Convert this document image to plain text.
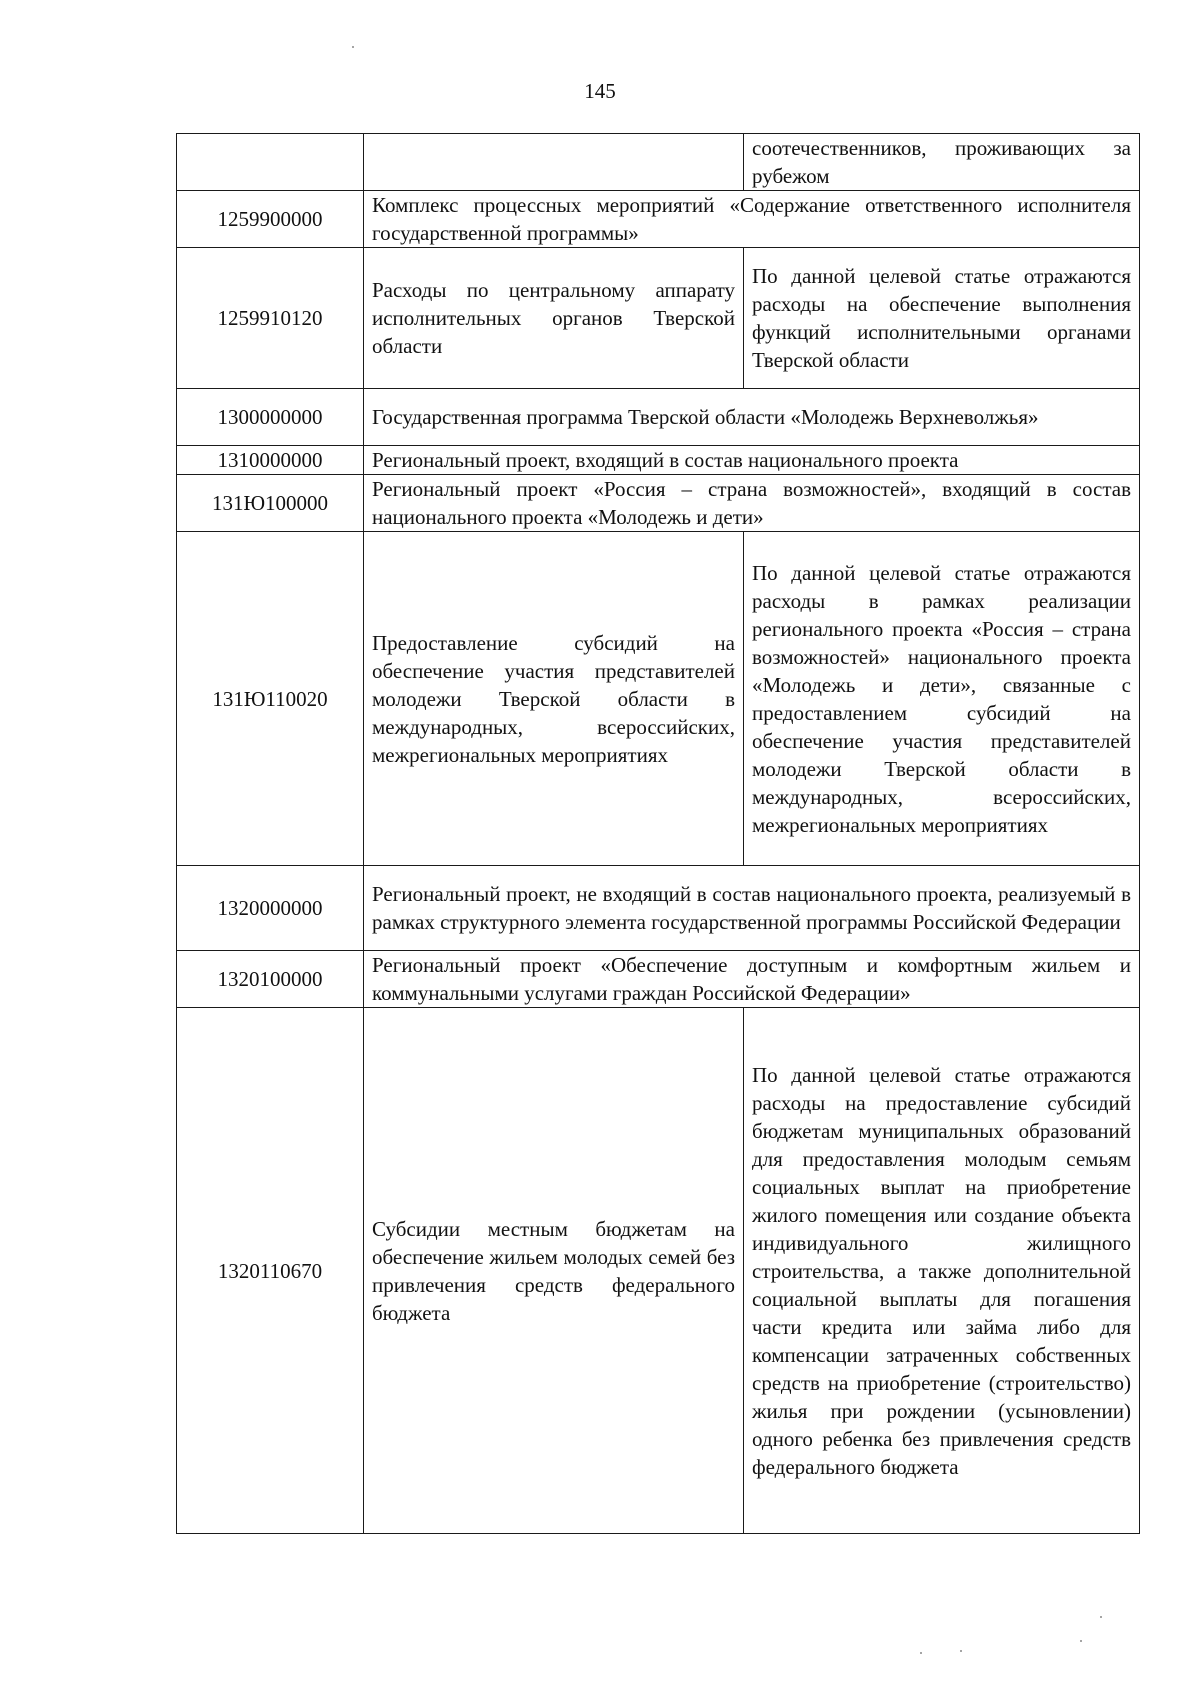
145
		соотечественников, проживающих за рубежом
1259900000	Комплекс процессных мероприятий «Содержание ответственного исполнителя государственной программы»	
1259910120	Расходы по центральному аппарату исполнительных органов Тверской области	По данной целевой статье отражаются расходы на обеспечение выполнения функций исполнительными органами Тверской области
1300000000	Государственная программа Тверской области «Молодежь Верхневолжья»	
1310000000	Региональный проект, входящий в состав национального проекта	
131Ю100000	Региональный проект «Россия – страна возможностей», входящий в состав национального проекта «Молодежь и дети»	
131Ю110020	Предоставление субсидий на обеспечение участия представителей молодежи Тверской области в международных, всероссийских, межрегиональных мероприятиях	По данной целевой статье отражаются расходы в рамках реализации регионального проекта «Россия – страна возможностей» национального проекта «Молодежь и дети», связанные с предоставлением субсидий на обеспечение участия представителей молодежи Тверской области в международных, всероссийских, межрегиональных мероприятиях
1320000000	Региональный проект, не входящий в состав национального проекта, реализуемый в рамках структурного элемента государственной программы Российской Федерации	
1320100000	Региональный проект «Обеспечение доступным и комфортным жильем и коммунальными услугами граждан Российской Федерации»	
1320110670	Субсидии местным бюджетам на обеспечение жильем молодых семей без привлечения средств федерального бюджета	По данной целевой статье отражаются расходы на предоставление субсидий бюджетам муниципальных образований для предоставления молодым семьям социальных выплат на приобретение жилого помещения или создание объекта индивидуального жилищного строительства, а также дополнительной социальной выплаты для погашения части кредита или займа либо для компенсации затраченных собственных средств на приобретение (строительство) жилья при рождении (усыновлении) одного ребенка без привлечения средств федерального бюджета
